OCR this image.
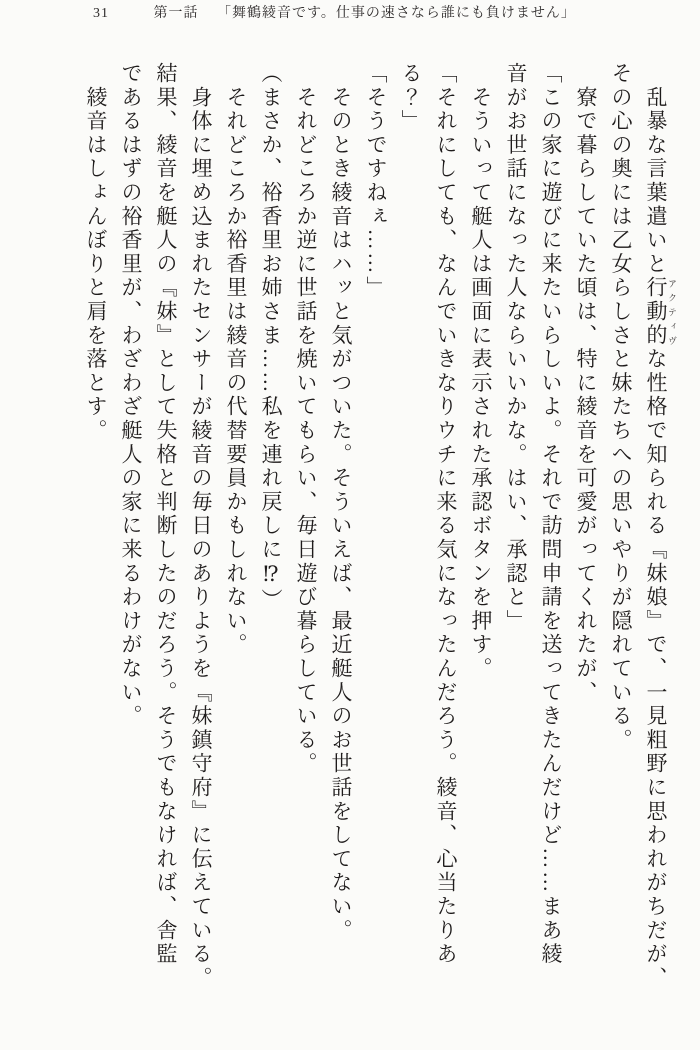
31	第一話 「舞鶴綾音です。仕事の速さなら誰にも負けません」
　乱暴な言葉遣いと行動的 アクティヴな性格で知られる『妹娘』で、一見粗野に思われがちだが、
その心の奥には乙女らしさと妹たちへの思いやりが隠れている。
　寮で暮らしていた頃は、特に綾音を可愛がってくれたが、
「この家に遊びに来たいらしいよ。それで訪問申請を送ってきたんだけど……まあ綾
音がお世話になった人ならいいかな。はい、承認と」
　そういって艇人は画面に表示された承認ボタンを押す。
「それにしても、なんでいきなりウチに来る気になったんだろう。綾音、心当たりあ
る？」
「そうですねぇ……」
　そのとき綾音はハッと気がついた。そういえば、最近艇人のお世話をしてない。
　それどころか逆に世話を焼いてもらい、毎日遊び暮らしている。
（まさか、裕香里お姉さま……私を連れ戻しに⁉）
　それどころか裕香里は綾音の代替要員かもしれない。
　身体に埋め込まれたセンサーが綾音の毎日のありようを『妹鎮守府』に伝えている。
結果、綾音を艇人の『妹』として失格と判断したのだろう。そうでもなければ、舎監
であるはずの裕香里が、わざわざ艇人の家に来るわけがない。
　綾音はしょんぼりと肩を落とす。
